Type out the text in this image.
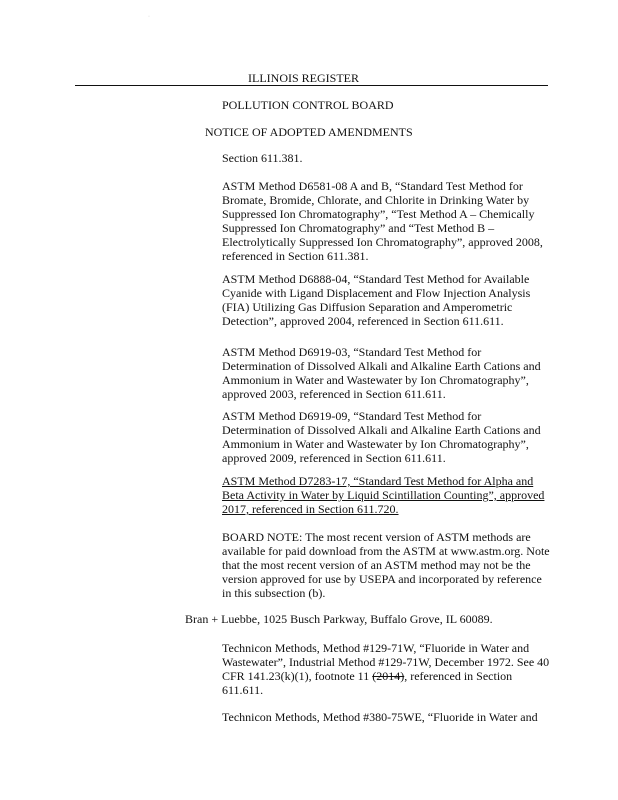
·
ILLINOIS REGISTER
POLLUTION CONTROL BOARD
NOTICE OF ADOPTED AMENDMENTS

Section 611.381.

ASTM Method D6581-08 A and B, “Standard Test Method for Bromate, Bromide, Chlorate, and Chlorite in Drinking Water by Suppressed Ion Chromatography”, “Test Method A – Chemically Suppressed Ion Chromatography” and “Test Method B – Electrolytically Suppressed Ion Chromatography”, approved 2008, referenced in Section 611.381.

ASTM Method D6888-04, “Standard Test Method for Available Cyanide with Ligand Displacement and Flow Injection Analysis (FIA) Utilizing Gas Diffusion Separation and Amperometric Detection”, approved 2004, referenced in Section 611.611.

ASTM Method D6919-03, “Standard Test Method for Determination of Dissolved Alkali and Alkaline Earth Cations and Ammonium in Water and Wastewater by Ion Chromatography”, approved 2003, referenced in Section 611.611.

ASTM Method D6919-09, “Standard Test Method for Determination of Dissolved Alkali and Alkaline Earth Cations and Ammonium in Water and Wastewater by Ion Chromatography”, approved 2009, referenced in Section 611.611.

ASTM Method D7283-17, “Standard Test Method for Alpha and Beta Activity in Water by Liquid Scintillation Counting”, approved 2017, referenced in Section 611.720.

BOARD NOTE: The most recent version of ASTM methods are available for paid download from the ASTM at www.astm.org. Note that the most recent version of an ASTM method may not be the version approved for use by USEPA and incorporated by reference in this subsection (b).

Bran + Luebbe, 1025 Busch Parkway, Buffalo Grove, IL 60089.

Technicon Methods, Method #129-71W, “Fluoride in Water and Wastewater”, Industrial Method #129-71W, December 1972. See 40 CFR 141.23(k)(1), footnote 11 (2014), referenced in Section 611.611.

Technicon Methods, Method #380-75WE, “Fluoride in Water and
